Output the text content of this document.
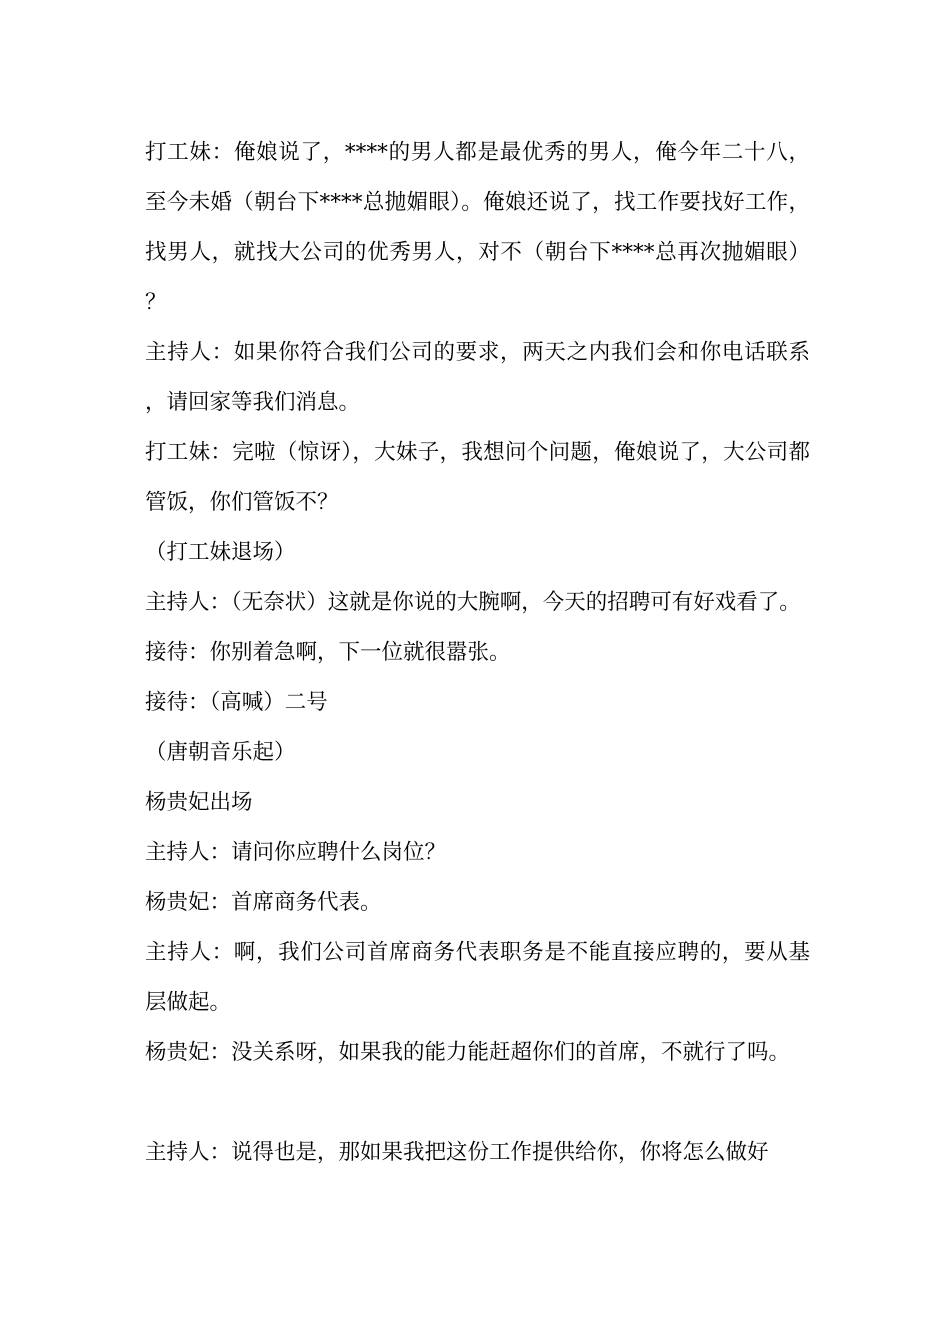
打工妹：俺娘说了，****的男人都是最优秀的男人，俺今年二十八，至今未婚（朝台下****总抛媚眼）。俺娘还说了，找工作要找好工作，找男人，就找大公司的优秀男人，对不（朝台下****总再次抛媚眼）？

主持人：如果你符合我们公司的要求，两天之内我们会和你电话联系，请回家等我们消息。

打工妹：完啦（惊讶），大妹子，我想问个问题，俺娘说了，大公司都管饭，你们管饭不？

（打工妹退场）

主持人：（无奈状）这就是你说的大腕啊，今天的招聘可有好戏看了。

接待：你别着急啊，下一位就很嚣张。

接待：（高喊）二号

（唐朝音乐起）

杨贵妃出场

主持人：请问你应聘什么岗位？

杨贵妃：首席商务代表。

主持人：啊，我们公司首席商务代表职务是不能直接应聘的，要从基层做起。

杨贵妃：没关系呀，如果我的能力能赶超你们的首席，不就行了吗。

主持人：说得也是，那如果我把这份工作提供给你，你将怎么做好
